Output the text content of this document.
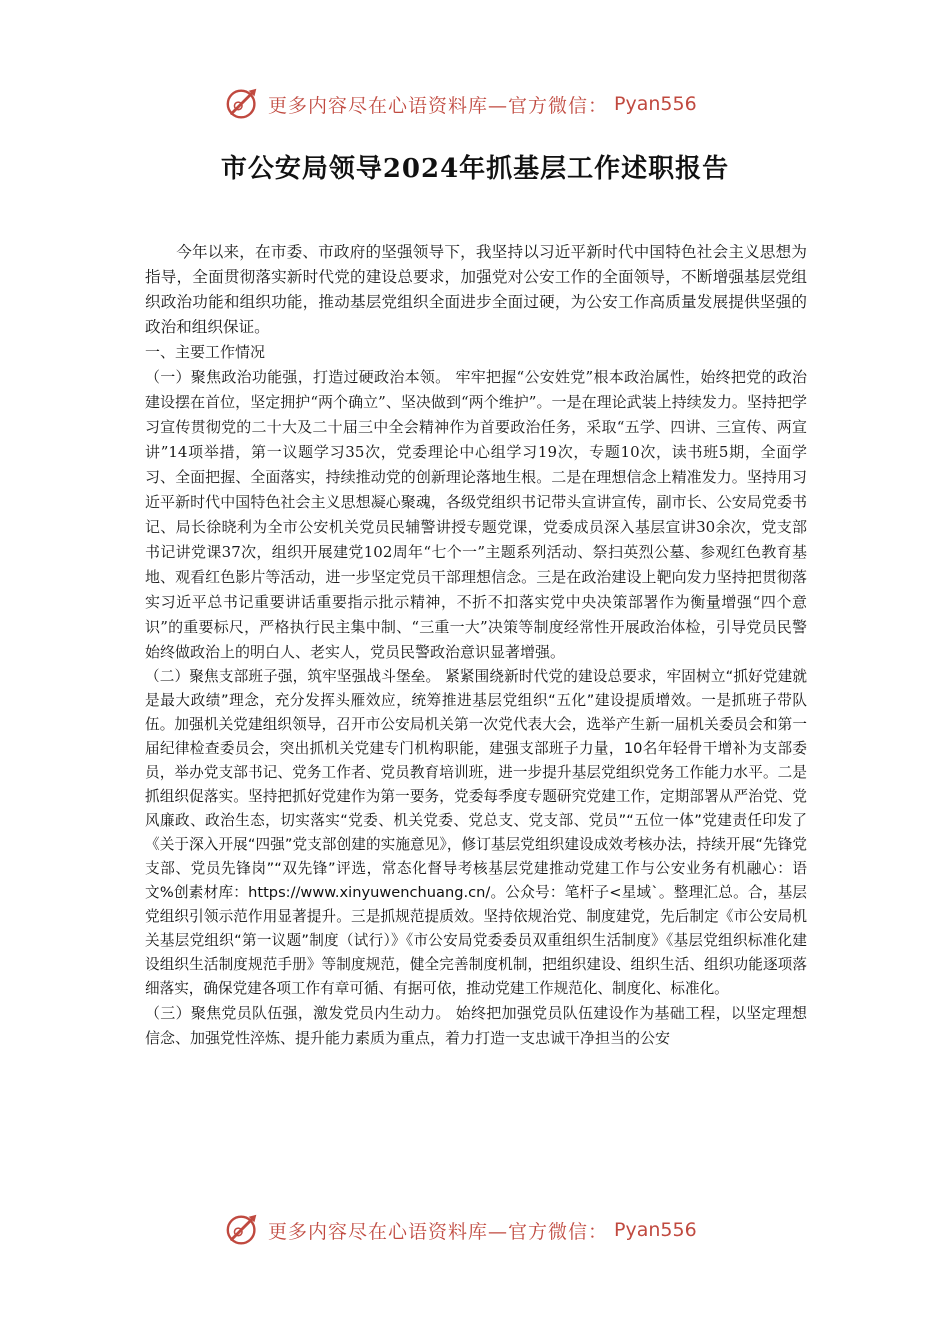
更多内容尽在心语资料库—官方微信： Pyan556
市公安局领导2024年抓基层工作述职报告

今年以来，在市委、市政府的坚强领导下，我坚持以习近平新时代中国特色社会主义思想为指导，全面贯彻落实新时代党的建设总要求，加强党对公安工作的全面领导，不断增强基层党组织政治功能和组织功能，推动基层党组织全面进步全面过硬，为公安工作高质量发展提供坚强的政治和组织保证。

一、主要工作情况

（一）聚焦政治功能强，打造过硬政治本领。 牢牢把握“公安姓党”根本政治属性，始终把党的政治建设摆在首位，坚定拥护“两个确立”、坚决做到“两个维护”。一是在理论武装上持续发力。坚持把学习宣传贯彻党的二十大及二十届三中全会精神作为首要政治任务，采取“五学、四讲、三宣传、两宣讲”14项举措，第一议题学习35次，党委理论中心组学习19次，专题10次，读书班5期，全面学习、全面把握、全面落实，持续推动党的创新理论落地生根。二是在理想信念上精准发力。坚持用习近平新时代中国特色社会主义思想凝心聚魂，各级党组织书记带头宣讲宣传，副市长、公安局党委书记、局长徐晓利为全市公安机关党员民辅警讲授专题党课，党委成员深入基层宣讲30余次，党支部书记讲党课37次，组织开展建党102周年“七个一”主题系列活动、祭扫英烈公墓、参观红色教育基地、观看红色影片等活动，进一步坚定党员干部理想信念。三是在政治建设上靶向发力坚持把贯彻落实习近平总书记重要讲话重要指示批示精神，不折不扣落实党中央决策部署作为衡量增强“四个意识”的重要标尺，严格执行民主集中制、“三重一大”决策等制度经常性开展政治体检，引导党员民警始终做政治上的明白人、老实人，党员民警政治意识显著增强。

（二）聚焦支部班子强，筑牢坚强战斗堡垒。 紧紧围绕新时代党的建设总要求，牢固树立“抓好党建就是最大政绩”理念，充分发挥头雁效应，统筹推进基层党组织“五化”建设提质增效。一是抓班子带队伍。加强机关党建组织领导，召开市公安局机关第一次党代表大会，选举产生新一届机关委员会和第一届纪律检查委员会，突出抓机关党建专门机构职能，建强支部班子力量，10名年轻骨干增补为支部委员，举办党支部书记、党务工作者、党员教育培训班，进一步提升基层党组织党务工作能力水平。二是抓组织促落实。坚持把抓好党建作为第一要务，党委每季度专题研究党建工作，定期部署从严治党、党风廉政、政治生态，切实落实“党委、机关党委、党总支、党支部、党员”“五位一体”党建责任印发了《关于深入开展“四强”党支部创建的实施意见》，修订基层党组织建设成效考核办法，持续开展“先锋党支部、党员先锋岗”“双先锋”评选，常态化督导考核基层党建推动党建工作与公安业务有机融心：语文%创素材库：https://www.xinyuwenchuang.cn/。公众号：笔杆子<星域`。整理汇总。合，基层党组织引领示范作用显著提升。三是抓规范提质效。坚持依规治党、制度建党，先后制定《市公安局机关基层党组织“第一议题”制度（试行）》《市公安局党委委员双重组织生活制度》《基层党组织标准化建设组织生活制度规范手册》等制度规范，健全完善制度机制，把组织建设、组织生活、组织功能逐项落细落实，确保党建各项工作有章可循、有据可依，推动党建工作规范化、制度化、标准化。

（三）聚焦党员队伍强，激发党员内生动力。 始终把加强党员队伍建设作为基础工程，以坚定理想信念、加强党性淬炼、提升能力素质为重点，着力打造一支忠诚干净担当的公安

更多内容尽在心语资料库—官方微信： Pyan556
